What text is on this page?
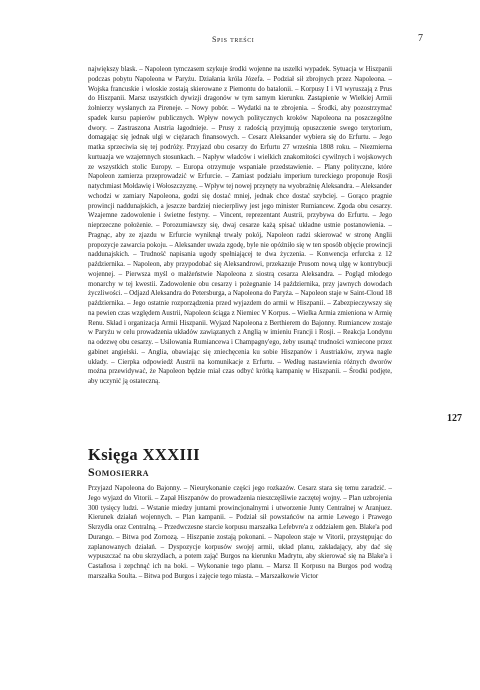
Spis treści	7
największy blask. – Napoleon tymczasem szykuje środki wojenne na uszelki wypadek. Sytuacja w Hiszpanii podczas pobytu Napoleona w Paryżu. Działania króla Józefa. – Podział sił zbrojnych przez Napoleona. – Wojska francuskie i włoskie zostają skierowane z Piemontu do batalonii. – Korpusy I i VI wyruszają z Prus do Hiszpanii. Marsz uszystkich dywizji dragonów w tym samym kierunku. Zastąpienie w Wielkiej Armii żołnierzy wysłanych za Pireneje. – Nowy pobór. – Wydatki na te zbrojenia. – Środki, aby pozostrzymać spadek kursu papierów publicznych. Wpływ nowych politycznych kroków Napoleona na poszczególne dwory. – Zastraszona Austria łagodnieje. – Prusy z radością przyjmują opuszczenie swego terytorium, domagając się jednak ulgi w ciężarach finansowych. – Cesarz Aleksander wybiera się do Erfurtu. – Jego matka sprzeciwia się tej podróży. Przyjazd obu cesarzy do Erfurtu 27 września 1808 roku. – Niezmierna kurtuazja we wzajemnych stosunkach. – Napływ władców i wielkich znakomitości cywilnych i wojskowych ze wszystkich stolic Europy. – Europa otrzymuje wspaniałe przedstawienie. – Plany polityczne, które Napoleon zamierza przeprowadzić w Erfurcie. – Zamiast podziału imperium tureckiego proponuje Rosji natychmiast Mołdawię i Wołoszczyznę. – Wpływ tej nowej przynęty na wyobraźnię Aleksandra. – Aleksander wchodzi w zamiary Napoleona, godzi się dostać mniej, jednak chce dostać szybciej. – Gorąco pragnie prowincji naddunajskich, a jeszcze bardziej niecierpliwy jest jego minister Rumiancew. Zgoda obu cesarzy. Wzajemne zadowolenie i świetne festyny. – Vincent, reprezentant Austrii, przybywa do Erfurtu. – Jego nieprzeczne położenie. – Porozumiawszy się, dwaj cesarze każą spisać układne ustnie postanowienia. – Pragnąc, aby ze zjazdu w Erfurcie wyniknął trwały pokój, Napoleon radzi skierować w stronę Anglii propozycje zawarcia pokoju. – Aleksander uważa zgodę, byle nie opóźniło się w ten sposób objęcie prowincji naddunajskich. – Trudność napisania ugody spełniającej te dwa życzenia. – Konwencja erfurcka z 12 października. – Napoleon, aby przypodobać się Aleksandrowi, przekazuje Prusom nową ulgę w kontrybucji wojennej. – Pierwsza myśl o małżeństwie Napoleona z siostrą cesarza Aleksandra. – Pogląd młodego monarchy w tej kwestii. Zadowolenie obu cesarzy i pożegnanie 14 października, przy jawnych dowodach życzliwości. – Odjazd Aleksandra do Petersburga, a Napoleona do Paryża. – Napoleon staje w Saint-Cloud 18 października. – Jego ostatnie rozporządzenia przed wyjazdem do armii w Hiszpanii. – Zabezpieczywszy się na pewien czas względem Austrii, Napoleon ściąga z Niemiec V Korpus. – Wielka Armia zmieniona w Armię Renu. Skład i organizacja Armii Hiszpanii. Wyjazd Napoleona z Berthierem do Bajonny. Rumiancew zostaje w Paryżu w celu prowadzenia układów zawiązanych z Anglią w imieniu Francji i Rosji. – Reakcja Londynu na odezwę obu cesarzy. – Usiłowania Rumiancewa i Champagny'ego, żeby usunąć trudności wzniecone przez gabinet angielski. – Anglia, obawiając się zniechęcenia ku sobie Hiszpanów i Austriaków, zrywa nagle układy. – Cierpka odpowiedź Austrii na komunikacje z Erfurtu. – Według nastawienia różnych dworów można przewidywać, że Napoleon będzie miał czas odbyć krótką kampanię w Hiszpanii. – Środki podjęte, aby uczynić ją ostateczną.
127
Księga XXXIII
Somosierra
Przyjazd Napoleona do Bajonny. – Nieurykonanie części jego rozkazów. Cesarz stara się temu zaradzić. – Jego wyjazd do Vitorii. – Zapał Hiszpanów do prowadzenia nieszczęśliwie zaczętej wojny. – Plan uzbrojenia 300 tysięcy ludzi. – Wstanie miedzy juntami prowincjonalnymi i utworzenie Junty Centralnej w Aranjuez. Kierunek działań wojennych. – Plan kampanii. – Podział sił powstańców na armie Lewego i Prawego Skrzydła oraz Centralną. – Przedwczesne starcie korpusu marszałka Lefebvre'a z oddziałem gen. Blake'a pod Durango. – Bitwa pod Zornozą. – Hiszpanie zostają pokonani. – Napoleon staje w Vitorii, przystępując do zaplanowanych działań. – Dyspozycje korpusów swojej armii, układ planu, zakładający, aby dać się wypuszczać na obu skrzydłach, a potem zająć Burgos na kierunku Madrytu, aby skierować się na Blake'a i Castañosa i zepchnąć ich na boki. – Wykonanie tego planu. – Marsz II Korpusu na Burgos pod wodzą marszałka Soulta. – Bitwa pod Burgos i zajęcie tego miasta. – Marszałkowie Victor
